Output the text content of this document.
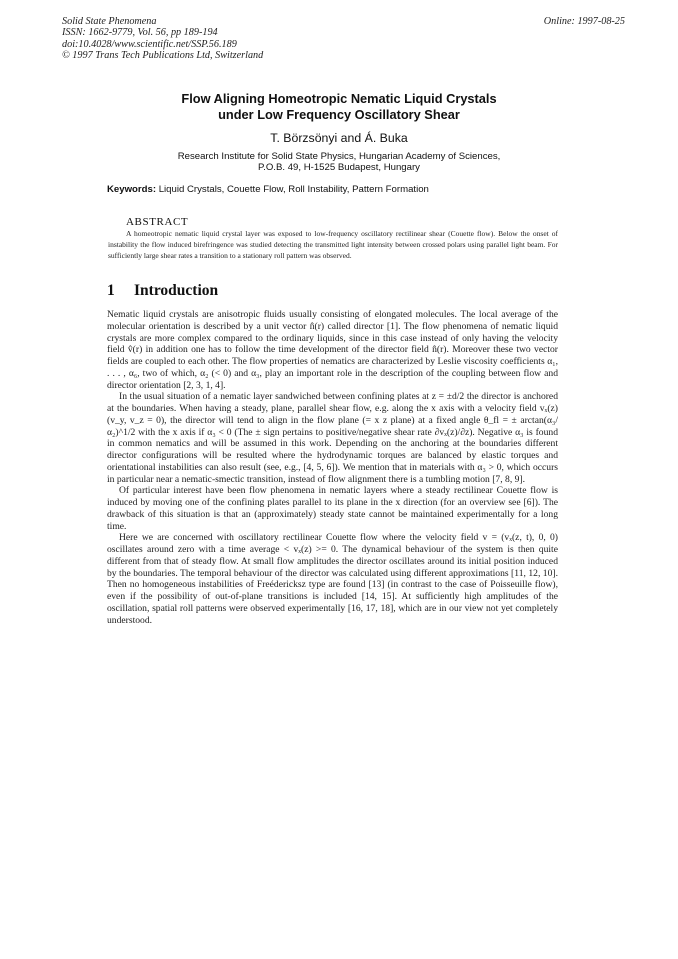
Solid State Phenomena
ISSN: 1662-9779, Vol. 56, pp 189-194
doi:10.4028/www.scientific.net/SSP.56.189
© 1997 Trans Tech Publications Ltd, Switzerland
Online: 1997-08-25
Flow Aligning Homeotropic Nematic Liquid Crystals
under Low Frequency Oscillatory Shear
T. Börzsönyi and Á. Buka
Research Institute for Solid State Physics, Hungarian Academy of Sciences,
P.O.B. 49, H-1525 Budapest, Hungary
Keywords: Liquid Crystals, Couette Flow, Roll Instability, Pattern Formation
ABSTRACT
A homeotropic nematic liquid crystal layer was exposed to low-frequency oscillatory rectilinear shear (Couette flow). Below the onset of instability the flow induced birefringence was studied detecting the transmitted light intensity between crossed polars using parallel light beam. For sufficiently large shear rates a transition to a stationary roll pattern was observed.
1 Introduction

Nematic liquid crystals are anisotropic fluids usually consisting of elongated molecules. The local average of the molecular orientation is described by a unit vector n̂(r) called director [1]. The flow phenomena of nematic liquid crystals are more complex compared to the ordinary liquids, since in this case instead of only having the velocity field v̂(r) in addition one has to follow the time development of the director field n̂(r). Moreover these two vector fields are coupled to each other. The flow properties of nematics are characterized by Leslie viscosity coefficients α₁, . . . , α₆, two of which, α₂ (< 0) and α₃, play an important role in the description of the coupling between flow and director orientation [2, 3, 1, 4].

In the usual situation of a nematic layer sandwiched between confining plates at z = ±d/2 the director is anchored at the boundaries. When having a steady, plane, parallel shear flow, e.g. along the x axis with a velocity field vₓ(z) (v_y, v_z = 0), the director will tend to align in the flow plane (= x z plane) at a fixed angle θ_fl = ± arctan(α₃/α₂)^1/2 with the x axis if α₃ < 0 (The ± sign pertains to positive/negative shear rate ∂vₓ(z)/∂z). Negative α₃ is found in common nematics and will be assumed in this work. Depending on the anchoring at the boundaries different director configurations will be resulted where the hydrodynamic torques are balanced by elastic torques and orientational instabilities can also result (see, e.g., [4, 5, 6]). We mention that in materials with α₃ > 0, which occurs in particular near a nematic-smectic transition, instead of flow alignment there is a tumbling motion [7, 8, 9].

Of particular interest have been flow phenomena in nematic layers where a steady rectilinear Couette flow is induced by moving one of the confining plates parallel to its plane in the x direction (for an overview see [6]). The drawback of this situation is that an (approximately) steady state cannot be maintained experimentally for a long time.

Here we are concerned with oscillatory rectilinear Couette flow where the velocity field v = (vₓ(z, t), 0, 0) oscillates around zero with a time average < vₓ(z) >= 0. The dynamical behaviour of the system is then quite different from that of steady flow. At small flow amplitudes the director oscillates around its initial position induced by the boundaries. The temporal behaviour of the director was calculated using different approximations [11, 12, 10]. Then no homogeneous instabilities of Freédericksz type are found [13] (in contrast to the case of Poisseuille flow), even if the possibility of out-of-plane transitions is included [14, 15]. At sufficiently high amplitudes of the oscillation, spatial roll patterns were observed experimentally [16, 17, 18], which are in our view not yet completely understood.
